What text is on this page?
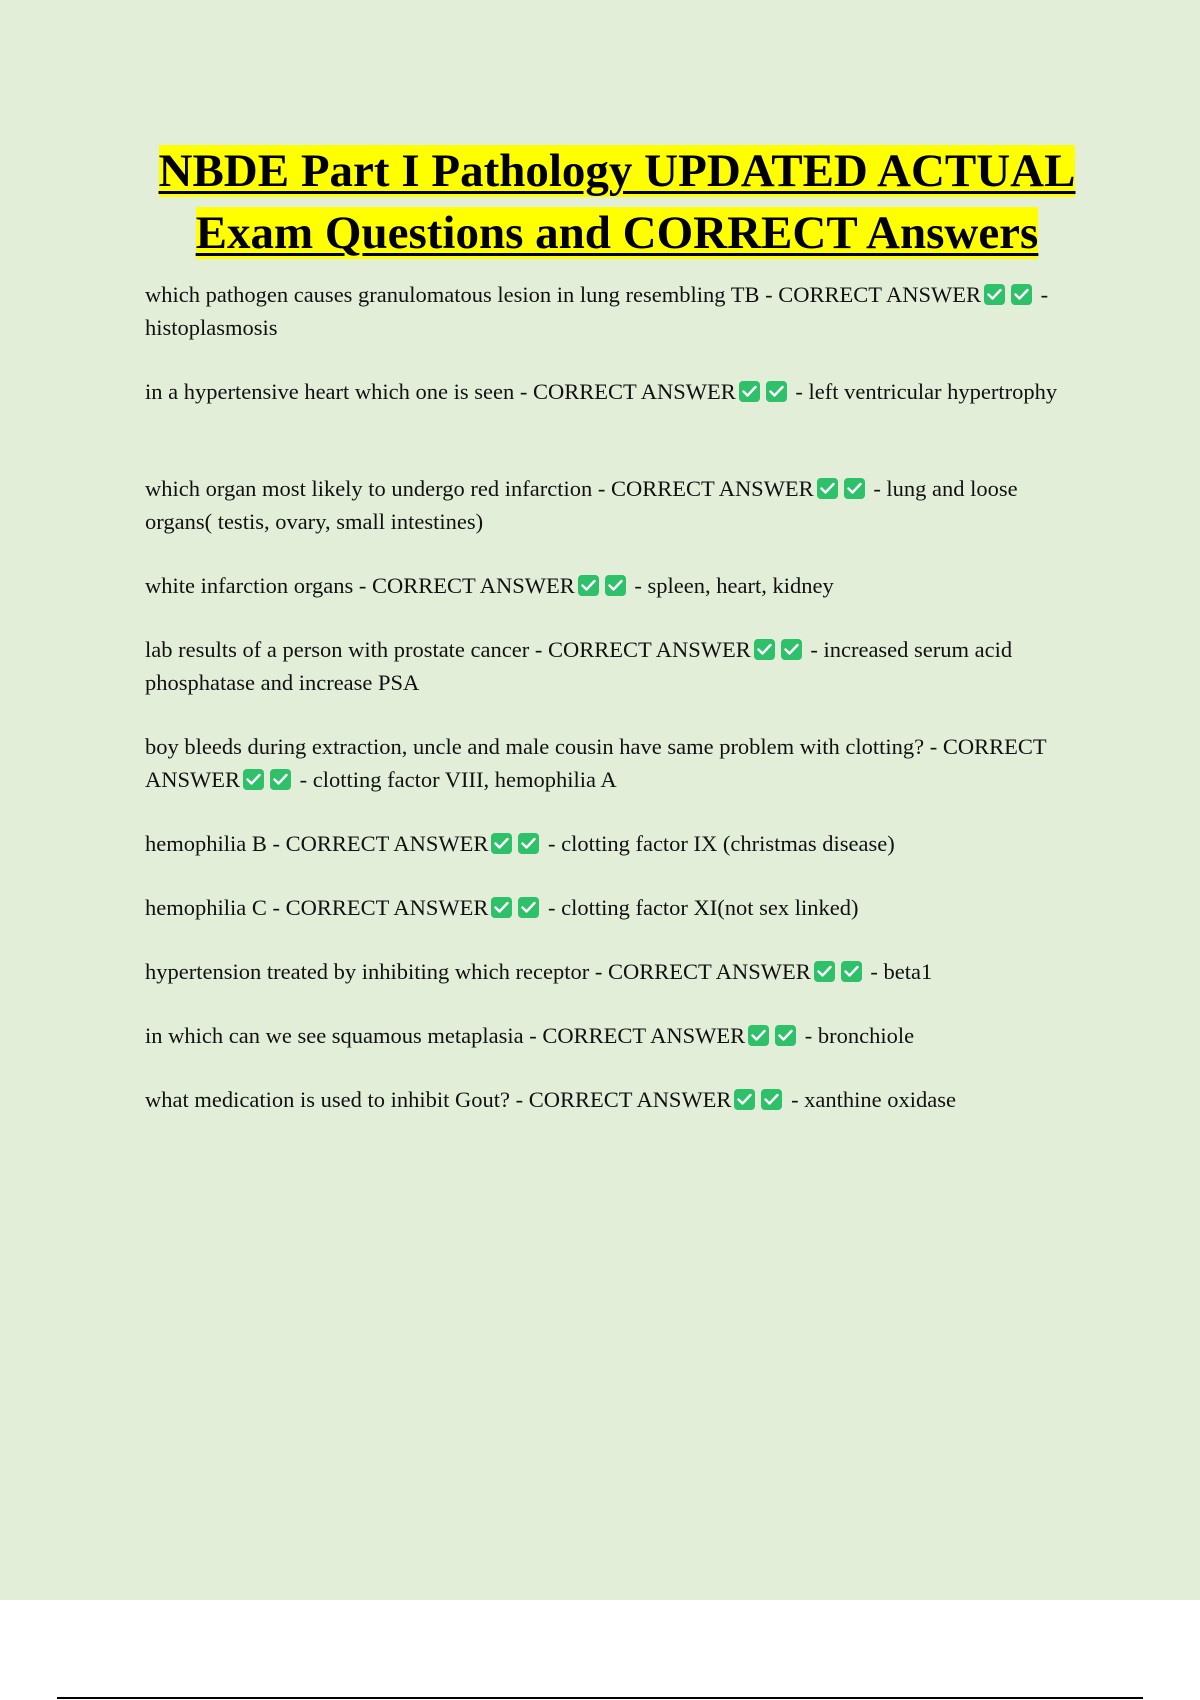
NBDE Part I Pathology UPDATED ACTUAL
Exam Questions and CORRECT Answers

which pathogen causes granulomatous lesion in lung resembling TB - CORRECT ANSWER	- histoplasmosis

in a hypertensive heart which one is seen - CORRECT ANSWER	- left ventricular hypertrophy

which organ most likely to undergo red infarction - CORRECT ANSWER	- lung and loose organs( testis, ovary, small intestines)

white infarction organs - CORRECT ANSWER	- spleen, heart, kidney

lab results of a person with prostate cancer - CORRECT ANSWER	- increased serum acid phosphatase and increase PSA

boy bleeds during extraction, uncle and male cousin have same problem with clotting? - CORRECT ANSWER	- clotting factor VIII, hemophilia A

hemophilia B - CORRECT ANSWER	- clotting factor IX (christmas disease)

hemophilia C - CORRECT ANSWER	- clotting factor XI(not sex linked)

hypertension treated by inhibiting which receptor - CORRECT ANSWER	- beta1

in which can we see squamous metaplasia - CORRECT ANSWER	- bronchiole

what medication is used to inhibit Gout? - CORRECT ANSWER	- xanthine oxidase
